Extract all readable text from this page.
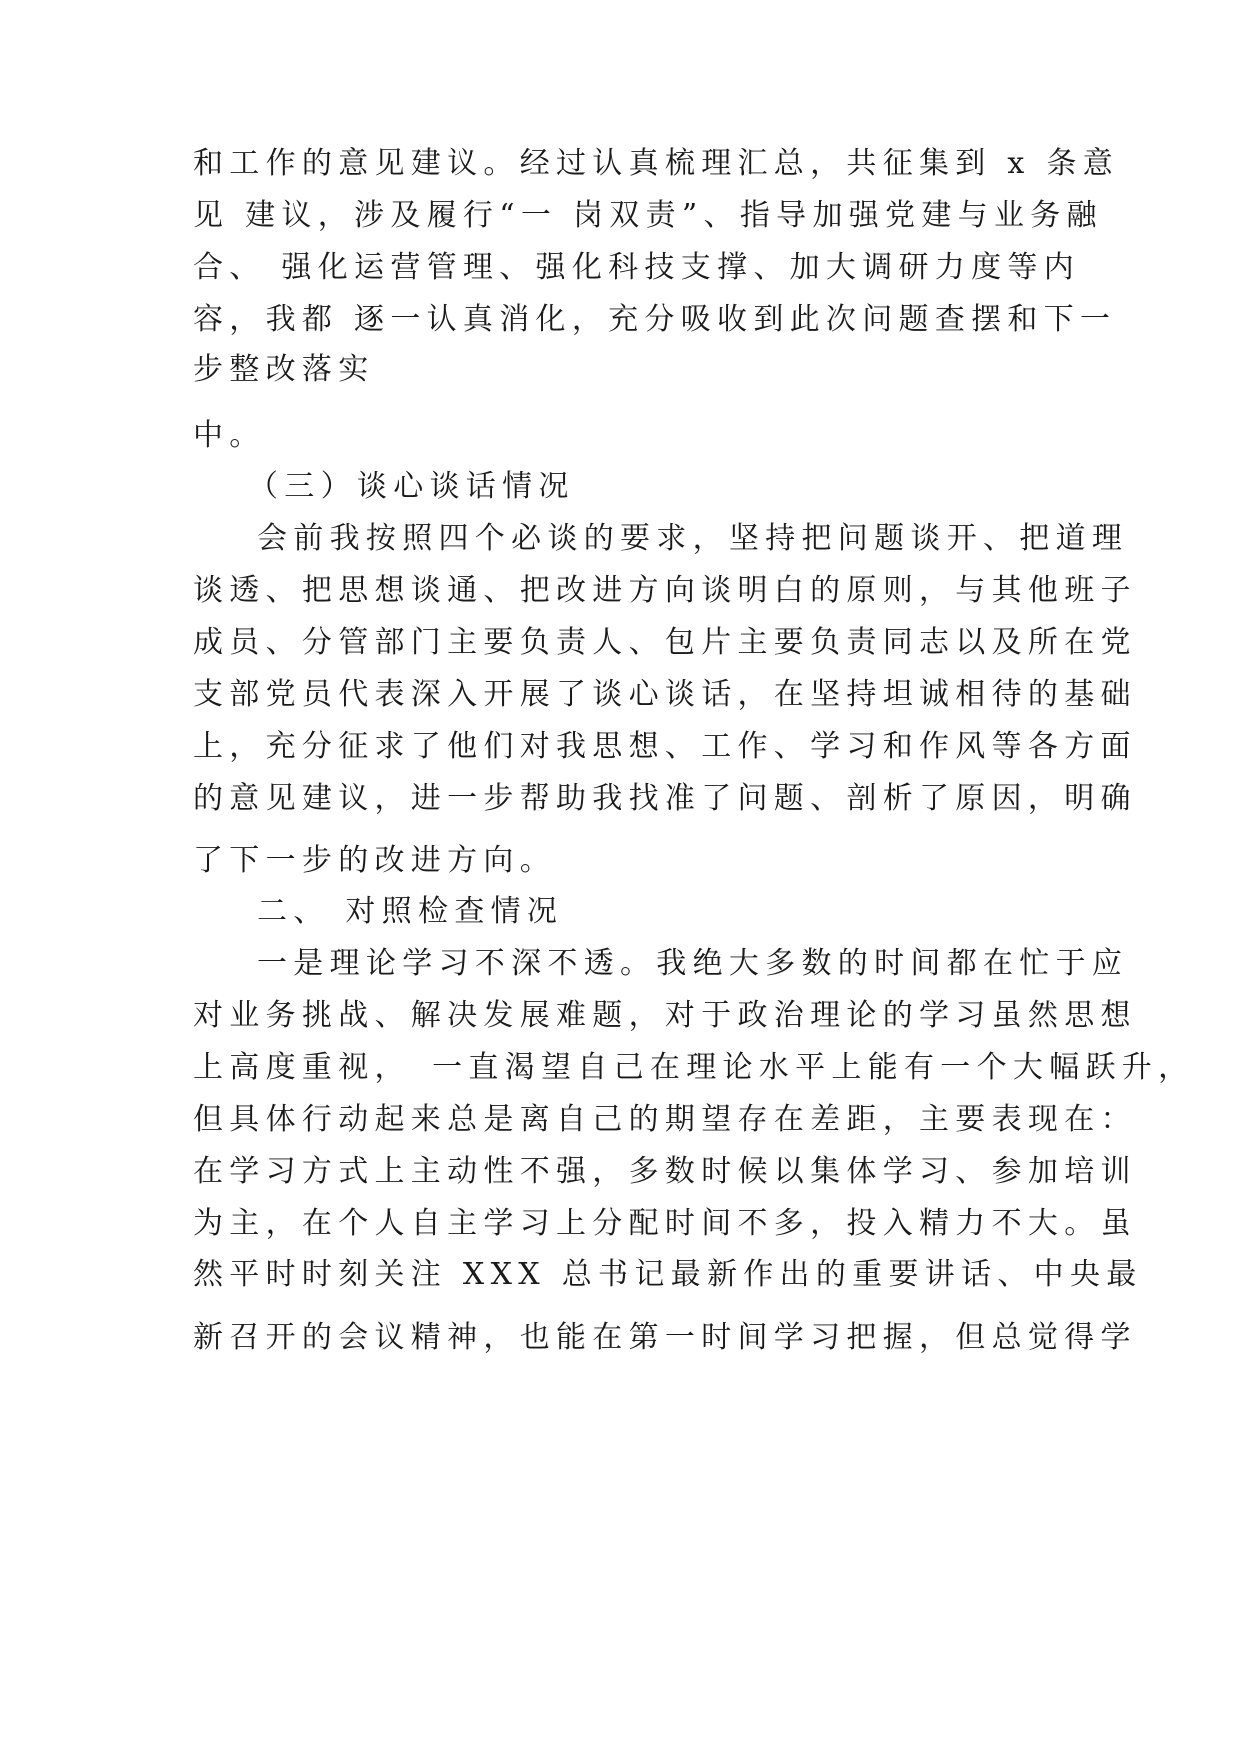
和工作的意见建议。经过认真梳理汇总，共征集到 x 条意
见 建议，涉及履行“一 岗双责”、指导加强党建与业务融
合、 强化运营管理、强化科技支撑、加大调研力度等内
容，我都 逐一认真消化，充分吸收到此次问题查摆和下一
步整改落实
中。
（三）谈心谈话情况
会前我按照四个必谈的要求，坚持把问题谈开、把道理
谈透、把思想谈通、把改进方向谈明白的原则，与其他班子
成员、分管部门主要负责人、包片主要负责同志以及所在党
支部党员代表深入开展了谈心谈话，在坚持坦诚相待的基础
上，充分征求了他们对我思想、工作、学习和作风等各方面
的意见建议，进一步帮助我找准了问题、剖析了原因，明确
了下一步的改进方向。
二、 对照检查情况
一是理论学习不深不透。我绝大多数的时间都在忙于应
对业务挑战、解决发展难题，对于政治理论的学习虽然思想
上高度重视，　一直渴望自己在理论水平上能有一个大幅跃升，
但具体行动起来总是离自己的期望存在差距，主要表现在：
在学习方式上主动性不强，多数时候以集体学习、参加培训
为主，在个人自主学习上分配时间不多，投入精力不大。虽
然平时时刻关注 XXX 总书记最新作出的重要讲话、中央最
新召开的会议精神，也能在第一时间学习把握，但总觉得学
